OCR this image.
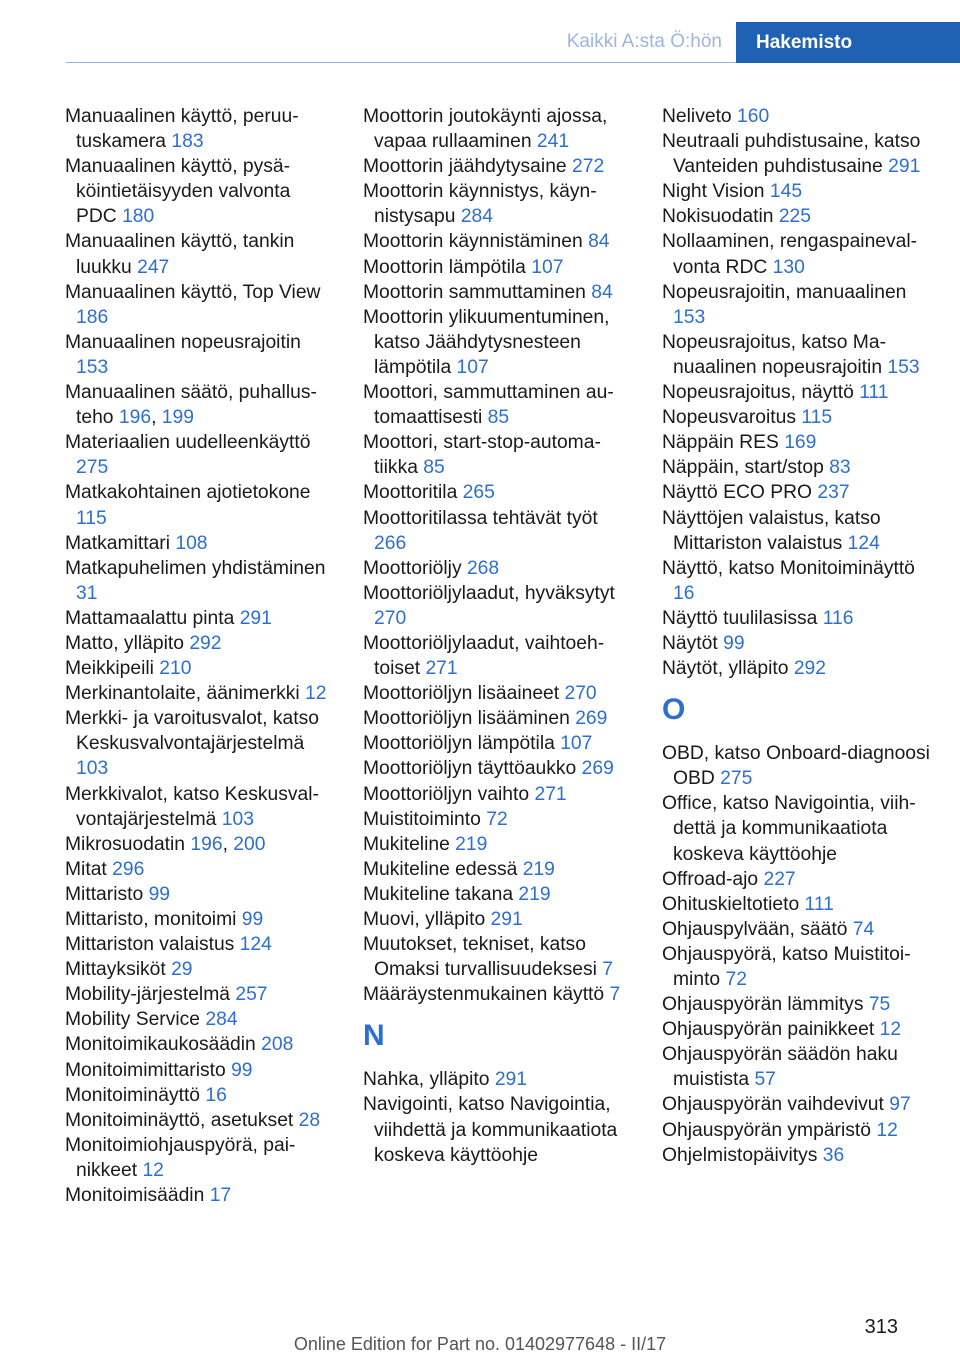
Kaikki A:sta Ö:hön	Hakemisto
Manuaalinen käyttö, peruutuskamera 183
Manuaalinen käyttö, pysäköintietäisyyden valvonta PDC 180
Manuaalinen käyttö, tankin luukku 247
Manuaalinen käyttö, Top View 186
Manuaalinen nopeusrajoitin 153
Manuaalinen säätö, puhallusteho 196, 199
Materiaalien uudelleenkäyttö 275
Matkakohtainen ajotietokone 115
Matkamittari 108
Matkapuhelimen yhdistäminen 31
Mattamaalattu pinta 291
Matto, ylläpito 292
Meikkipeili 210
Merkinantolaite, äänimerkki 12
Merkki- ja varoitusvalot, katso Keskusvalvontajärjestelmä 103
Merkkivalot, katso Keskusvalvontajärjestelmä 103
Mikrosuodatin 196, 200
Mitat 296
Mittaristo 99
Mittaristo, monitoimi 99
Mittariston valaistus 124
Mittayksiköt 29
Mobility-järjestelmä 257
Mobility Service 284
Monitoimikaukosäädin 208
Monitoimimittaristo 99
Monitoiminäyttö 16
Monitoiminäyttö, asetukset 28
Monitoimiohjauspyörä, painikkeet 12
Monitoimisäädin 17
Moottorin joutokäynti ajossa, vapaa rullaaminen 241
Moottorin jäähdytysaine 272
Moottorin käynnistys, käynnistysapu 284
Moottorin käynnistäminen 84
Moottorin lämpötila 107
Moottorin sammuttaminen 84
Moottorin ylikuumentuminen, katso Jäähdytysnesteen lämpötila 107
Moottori, sammuttaminen automaattisesti 85
Moottori, start-stop-automatiikka 85
Moottoritila 265
Moottoritilassa tehtävät työt 266
Moottoriöljy 268
Moottoriöljylaadut, hyväksytyt 270
Moottoriöljylaadut, vaihtoehtoiset 271
Moottoriöljyn lisäaineet 270
Moottoriöljyn lisääminen 269
Moottoriöljyn lämpötila 107
Moottoriöljyn täyttöaukko 269
Moottoriöljyn vaihto 271
Muistitoiminto 72
Mukiteline 219
Mukiteline edessä 219
Mukiteline takana 219
Muovi, ylläpito 291
Muutokset, tekniset, katso Omaksi turvallisuudeksesi 7
Määräystenmukainen käyttö 7
N
Nahka, ylläpito 291
Navigointi, katso Navigointia, viihdettä ja kommunikaatiota koskeva käyttöohje
Neliveto 160
Neutraali puhdistusaine, katso Vanteiden puhdistusaine 291
Night Vision 145
Nokisuodatin 225
Nollaaminen, rengaspainevalvonta RDC 130
Nopeusrajoitin, manuaalinen 153
Nopeusrajoitus, katso Manuaalinen nopeusrajoitin 153
Nopeusrajoitus, näyttö 111
Nopeusvaroitus 115
Näppäin RES 169
Näppäin, start/stop 83
Näyttö ECO PRO 237
Näyttöjen valaistus, katso Mittariston valaistus 124
Näyttö, katso Monitoiminäyttö 16
Näyttö tuulilasissa 116
Näytöt 99
Näytöt, ylläpito 292
O
OBD, katso Onboard-diagnoosi OBD 275
Office, katso Navigointia, viihdettä ja kommunikaatiota koskeva käyttöohje
Offroad-ajo 227
Ohituskieltotieto 111
Ohjauspylvään, säätö 74
Ohjauspyörä, katso Muistitoiminto 72
Ohjauspyörän lämmitys 75
Ohjauspyörän painikkeet 12
Ohjauspyörän säädön haku muistista 57
Ohjauspyörän vaihdevivut 97
Ohjauspyörän ympäristö 12
Ohjelmistopäivitys 36
313
Online Edition for Part no. 01402977648 - II/17
